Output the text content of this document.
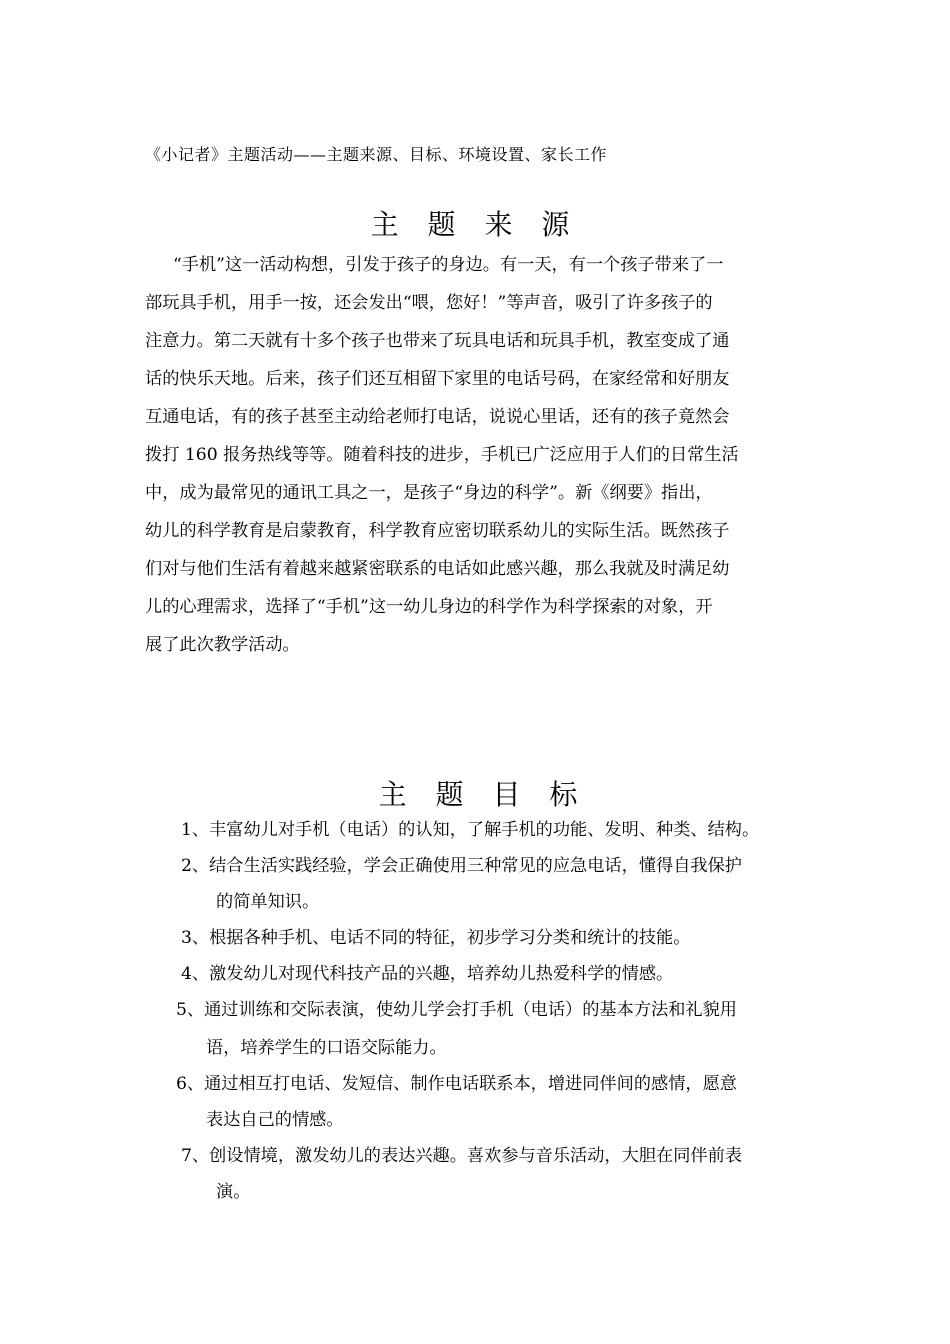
《小记者》主题活动——主题来源、目标、环境设置、家长工作
主 题 来 源
“手机”这一活动构想，引发于孩子的身边。有一天，有一个孩子带来了一
部玩具手机，用手一按，还会发出“喂，您好！”等声音，吸引了许多孩子的
注意力。第二天就有十多个孩子也带来了玩具电话和玩具手机，教室变成了通
话的快乐天地。后来，孩子们还互相留下家里的电话号码，在家经常和好朋友
互通电话，有的孩子甚至主动给老师打电话，说说心里话，还有的孩子竟然会
拨打 160 报务热线等等。随着科技的进步，手机已广泛应用于人们的日常生活
中，成为最常见的通讯工具之一，是孩子“身边的科学”。新《纲要》指出，
幼儿的科学教育是启蒙教育，科学教育应密切联系幼儿的实际生活。既然孩子
们对与他们生活有着越来越紧密联系的电话如此感兴趣，那么我就及时满足幼
儿的心理需求，选择了“手机”这一幼儿身边的科学作为科学探索的对象，开
展了此次教学活动。
主 题 目 标
1、丰富幼儿对手机（电话）的认知，了解手机的功能、发明、种类、结构。
2、结合生活实践经验，学会正确使用三种常见的应急电话，懂得自我保护
的简单知识。
3、根据各种手机、电话不同的特征，初步学习分类和统计的技能。
4、激发幼儿对现代科技产品的兴趣，培养幼儿热爱科学的情感。
5、通过训练和交际表演，使幼儿学会打手机（电话）的基本方法和礼貌用
语，培养学生的口语交际能力。
6、通过相互打电话、发短信、制作电话联系本，增进同伴间的感情，愿意
表达自己的情感。
7、创设情境，激发幼儿的表达兴趣。喜欢参与音乐活动，大胆在同伴前表
演。
